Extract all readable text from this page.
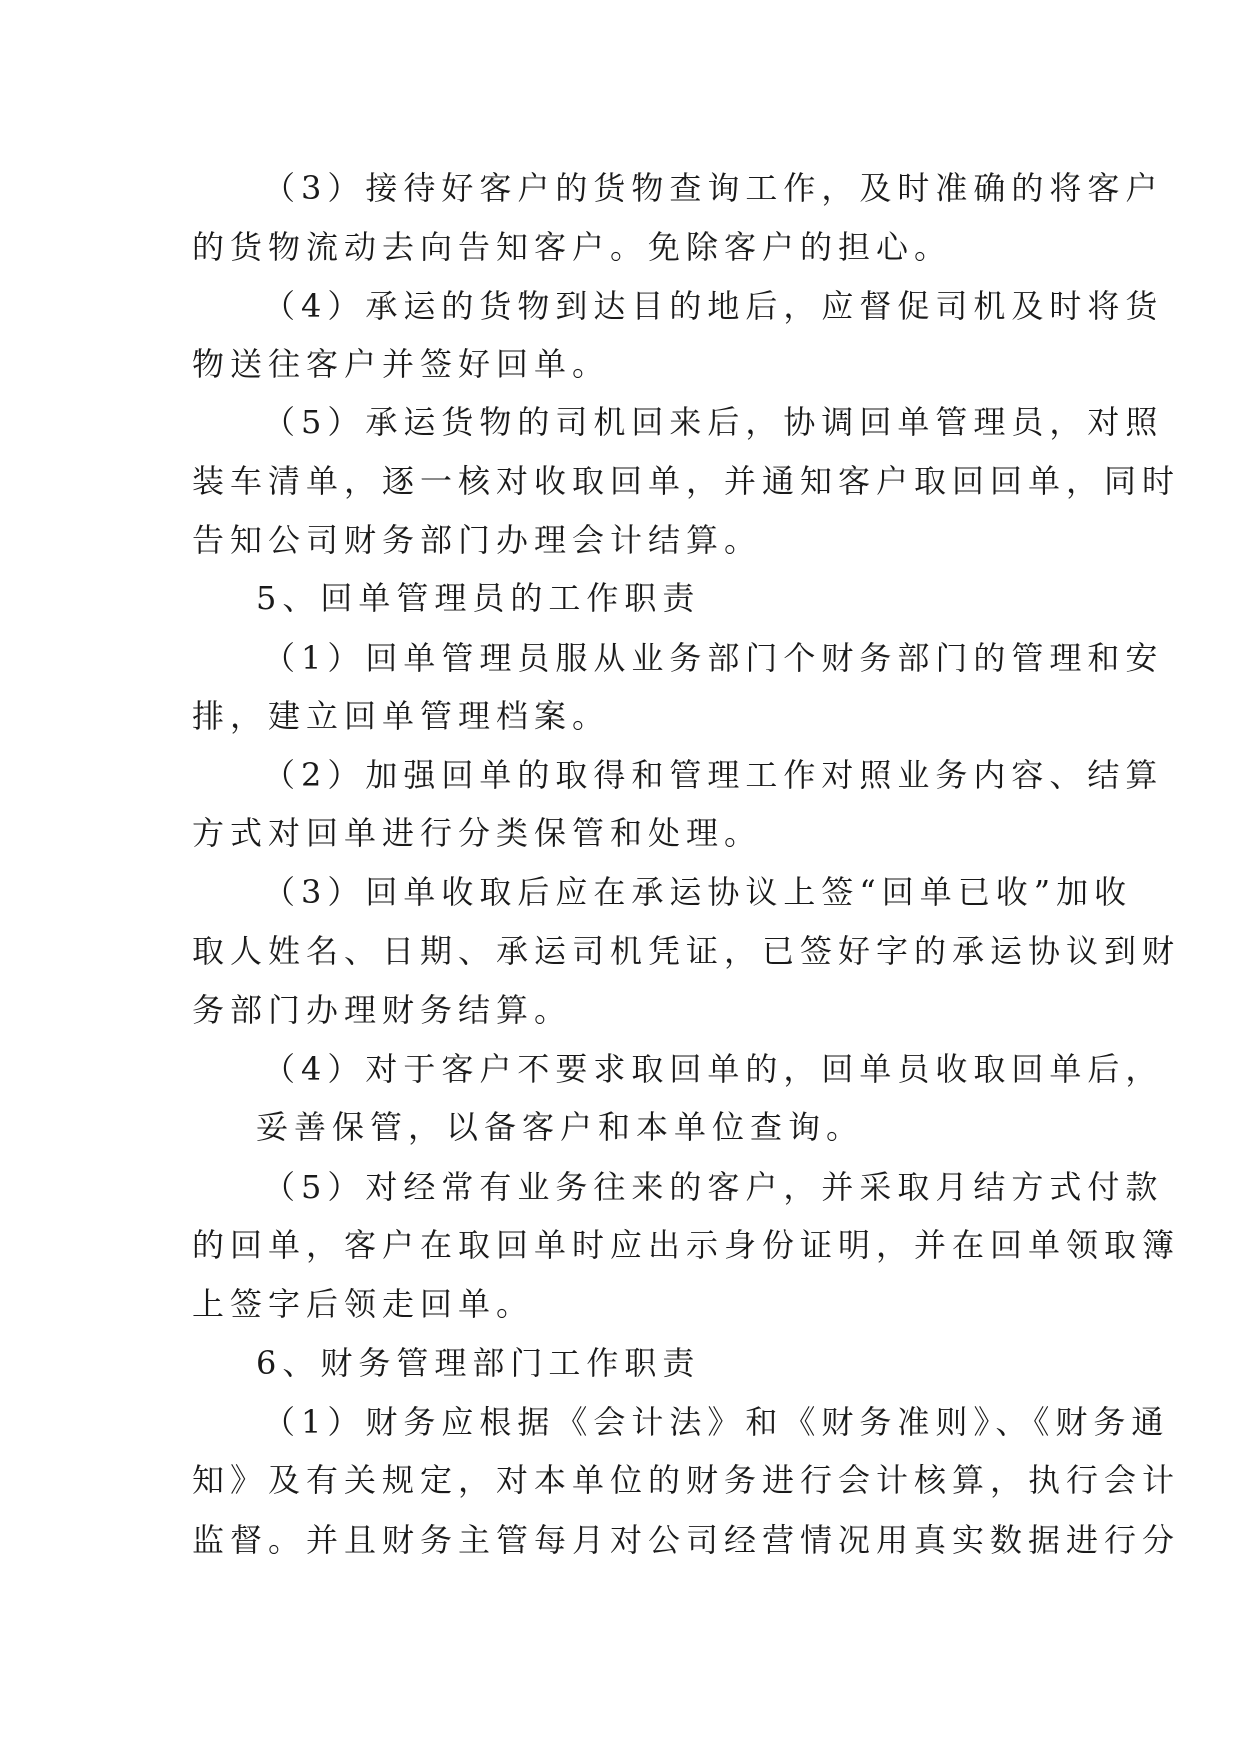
（3）接待好客户的货物查询工作，及时准确的将客户
的货物流动去向告知客户。免除客户的担心。
（4）承运的货物到达目的地后，应督促司机及时将货
物送往客户并签好回单。
（5）承运货物的司机回来后，协调回单管理员，对照
装车清单，逐一核对收取回单，并通知客户取回回单，同时
告知公司财务部门办理会计结算。
5、回单管理员的工作职责
（1）回单管理员服从业务部门个财务部门的管理和安
排，建立回单管理档案。
（2）加强回单的取得和管理工作对照业务内容、结算
方式对回单进行分类保管和处理。
（3）回单收取后应在承运协议上签“回单已收”加收
取人姓名、日期、承运司机凭证，已签好字的承运协议到财
务部门办理财务结算。
（4）对于客户不要求取回单的，回单员收取回单后，
妥善保管，以备客户和本单位查询。
（5）对经常有业务往来的客户，并采取月结方式付款
的回单，客户在取回单时应出示身份证明，并在回单领取簿
上签字后领走回单。
6、财务管理部门工作职责
（1）财务应根据《会计法》和《财务准则》、《财务通
知》及有关规定，对本单位的财务进行会计核算，执行会计
监督。并且财务主管每月对公司经营情况用真实数据进行分
